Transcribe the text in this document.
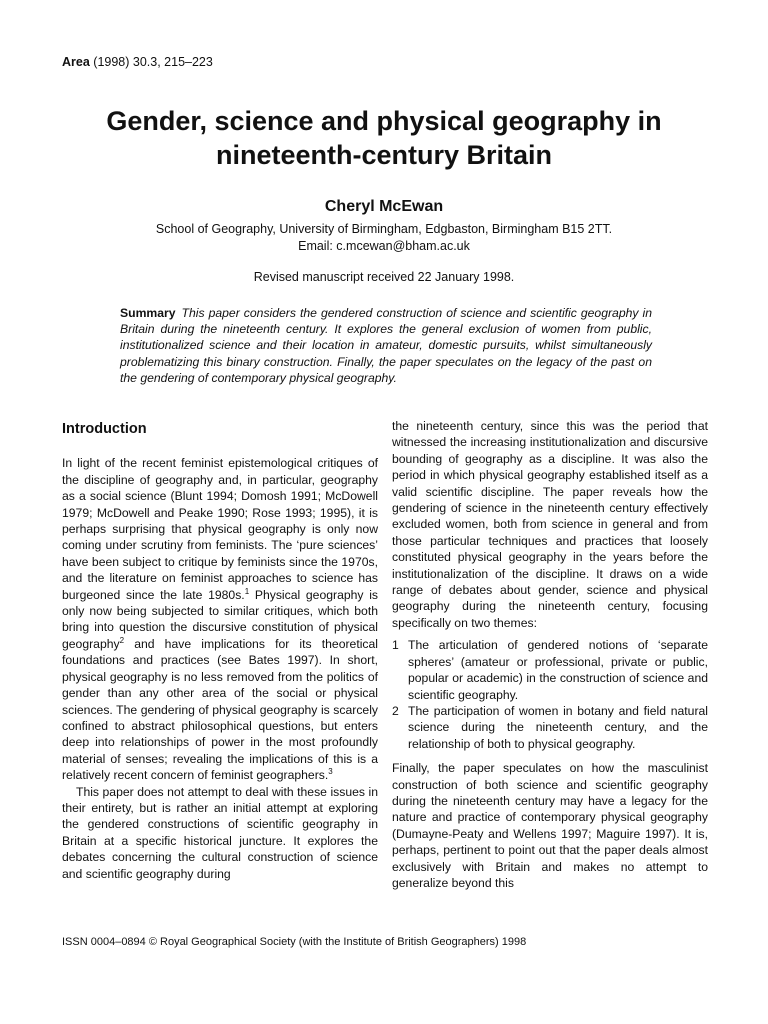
Area (1998) 30.3, 215–223
Gender, science and physical geography in
nineteenth-century Britain
Cheryl McEwan
School of Geography, University of Birmingham, Edgbaston, Birmingham B15 2TT.
Email: c.mcewan@bham.ac.uk
Revised manuscript received 22 January 1998.

Summary This paper considers the gendered construction of science and scientific geography in Britain during the nineteenth century. It explores the general exclusion of women from public, institutionalized science and their location in amateur, domestic pursuits, whilst simultaneously problematizing this binary construction. Finally, the paper speculates on the legacy of the past on the gendering of contemporary physical geography.

Introduction

In light of the recent feminist epistemological critiques of the discipline of geography and, in particular, geography as a social science (Blunt 1994; Domosh 1991; McDowell 1979; McDowell and Peake 1990; Rose 1993; 1995), it is perhaps surprising that physical geography is only now coming under scrutiny from feminists. The ‘pure sciences’ have been subject to critique by feminists since the 1970s, and the literature on feminist approaches to science has burgeoned since the late 1980s.$^1$ Physical geography is only now being subjected to similar critiques, which both bring into question the discursive constitution of physical geography$^2$ and have implications for its theoretical foundations and practices (see Bates 1997). In short, physical geography is no less removed from the politics of gender than any other area of the social or physical sciences. The gendering of physical geography is scarcely confined to abstract philosophical questions, but enters deep into relationships of power in the most profoundly material of senses; revealing the implications of this is a relatively recent concern of feminist geographers.$^3$

This paper does not attempt to deal with these issues in their entirety, but is rather an initial attempt at exploring the gendered constructions of scientific geography in Britain at a specific historical juncture. It explores the debates concerning the cultural construction of science and scientific geography during

the nineteenth century, since this was the period that witnessed the increasing institutionalization and discursive bounding of geography as a discipline. It was also the period in which physical geography established itself as a valid scientific discipline. The paper reveals how the gendering of science in the nineteenth century effectively excluded women, both from science in general and from those particular techniques and practices that loosely constituted physical geography in the years before the institutionalization of the discipline. It draws on a wide range of debates about gender, science and physical geography during the nineteenth century, focusing specifically on two themes:

1 The articulation of gendered notions of ‘separate spheres’ (amateur or professional, private or public, popular or academic) in the construction of science and scientific geography.
2 The participation of women in botany and field natural science during the nineteenth century, and the relationship of both to physical geography.

Finally, the paper speculates on how the masculinist construction of both science and scientific geography during the nineteenth century may have a legacy for the nature and practice of contemporary physical geography (Dumayne-Peaty and Wellens 1997; Maguire 1997). It is, perhaps, pertinent to point out that the paper deals almost exclusively with Britain and makes no attempt to generalize beyond this

ISSN 0004–0894 © Royal Geographical Society (with the Institute of British Geographers) 1998
